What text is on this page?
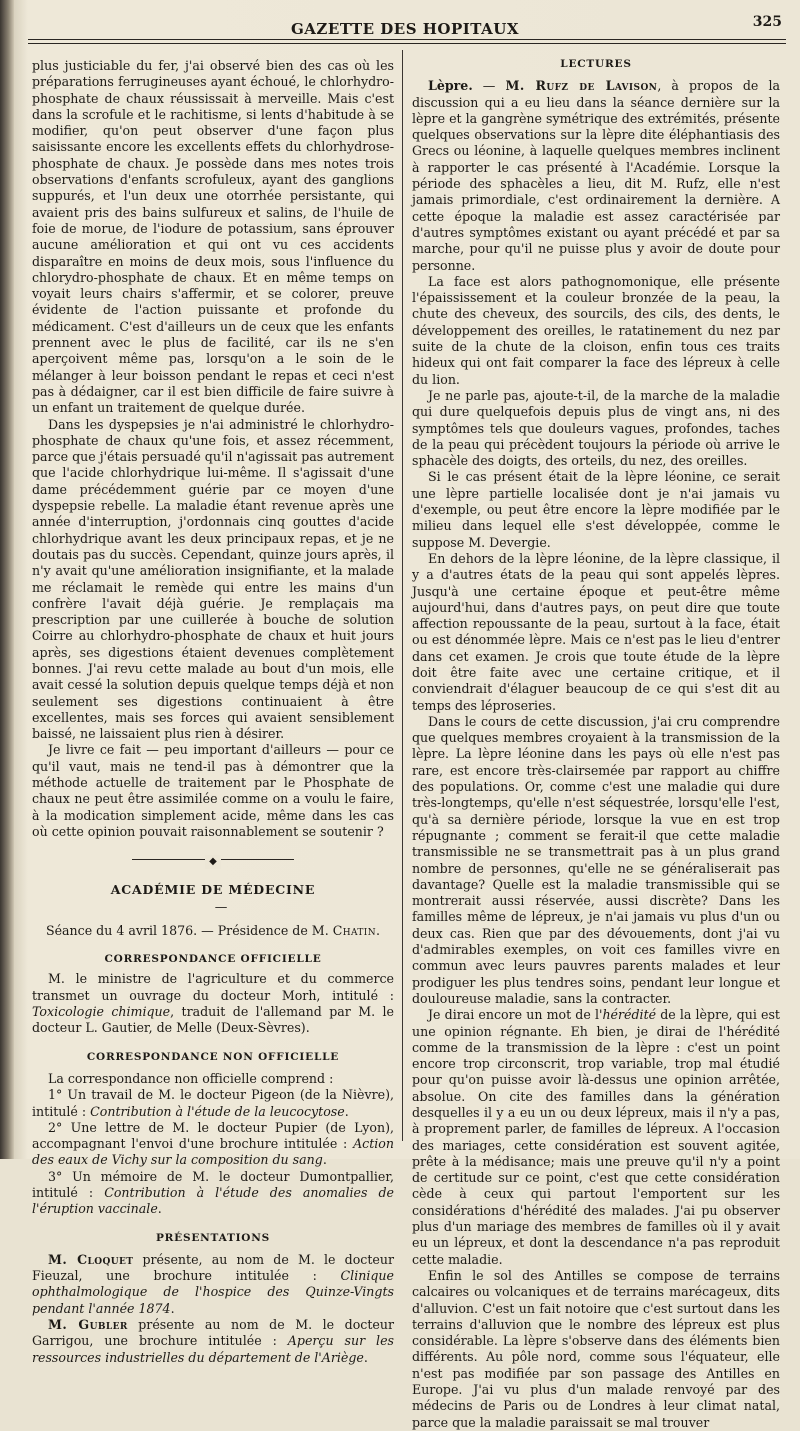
GAZETTE DES HOPITAUX	325

plus justiciable du fer, j'ai observé bien des cas où les préparations ferrugineuses ayant échoué, le chlorhydro-phosphate de chaux réussissait à merveille. Mais c'est dans la scrofule et le rachitisme, si lents d'habitude à se modifier, qu'on peut observer d'une façon plus saisissante encore les excellents effets du chlorhydrose-phosphate de chaux. Je possède dans mes notes trois observations d'enfants scrofuleux, ayant des ganglions suppurés, et l'un deux une otorrhée persistante, qui avaient pris des bains sulfureux et salins, de l'huile de foie de morue, de l'iodure de potassium, sans éprouver aucune amélioration et qui ont vu ces accidents disparaître en moins de deux mois, sous l'influence du chlorydro-phosphate de chaux. Et en même temps on voyait leurs chairs s'affermir, et se colorer, preuve évidente de l'action puissante et profonde du médicament. C'est d'ailleurs un de ceux que les enfants prennent avec le plus de facilité, car ils ne s'en aperçoivent même pas, lorsqu'on a le soin de le mélanger à leur boisson pendant le repas et ceci n'est pas à dédaigner, car il est bien difficile de faire suivre à un enfant un traitement de quelque durée.

Dans les dyspepsies je n'ai administré le chlorhydro-phosphate de chaux qu'une fois, et assez récemment, parce que j'étais persuadé qu'il n'agissait pas autrement que l'acide chlorhydrique lui-même. Il s'agissait d'une dame précédemment guérie par ce moyen d'une dyspepsie rebelle. La maladie étant revenue après une année d'interruption, j'ordonnais cinq gouttes d'acide chlorhydrique avant les deux principaux repas, et je ne doutais pas du succès. Cependant, quinze jours après, il n'y avait qu'une amélioration insignifiante, et la malade me réclamait le remède qui entre les mains d'un confrère l'avait déjà guérie. Je remplaçais ma prescription par une cuillerée à bouche de solution Coirre au chlorhydro-phosphate de chaux et huit jours après, ses digestions étaient devenues complètement bonnes. J'ai revu cette malade au bout d'un mois, elle avait cessé la solution depuis quelque temps déjà et non seulement ses digestions continuaient à être excellentes, mais ses forces qui avaient sensiblement baissé, ne laissaient plus rien à désirer.

Je livre ce fait — peu important d'ailleurs — pour ce qu'il vaut, mais ne tend-il pas à démontrer que la méthode actuelle de traitement par le Phosphate de chaux ne peut être assimilée comme on a voulu le faire, à la modication simplement acide, même dans les cas où cette opinion pouvait raisonnablement se soutenir ?

◆
ACADÉMIE DE MÉDECINE

—

Séance du 4 avril 1876. — Présidence de M. Chatin.

CORRESPONDANCE OFFICIELLE

M. le ministre de l'agriculture et du commerce transmet un ouvrage du docteur Morh, intitulé : Toxicologie chimique, traduit de l'allemand par M. le docteur L. Gautier, de Melle (Deux-Sèvres).

CORRESPONDANCE NON OFFICIELLE

La correspondance non officielle comprend :

1° Un travail de M. le docteur Pigeon (de la Nièvre), intitulé : Contribution à l'étude de la leucocytose.

2° Une lettre de M. le docteur Pupier (de Lyon), accompagnant l'envoi d'une brochure intitulée : Action des eaux de Vichy sur la composition du sang.

3° Un mémoire de M. le docteur Dumontpallier, intitulé : Contribution à l'étude des anomalies de l'éruption vaccinale.

PRÉSENTATIONS

M. Cloquet présente, au nom de M. le docteur Fieuzal, une brochure intitulée : Clinique ophthalmologique de l'hospice des Quinze-Vingts pendant l'année 1874.

M. Gubler présente au nom de M. le docteur Garrigou, une brochure intitulée : Aperçu sur les ressources industrielles du département de l'Ariège.

LECTURES

Lèpre. — M. Rufz de Lavison, à propos de la discussion qui a eu lieu dans la séance dernière sur la lèpre et la gangrène symétrique des extrémités, présente quelques observations sur la lèpre dite éléphantiasis des Grecs ou léonine, à laquelle quelques membres inclinent à rapporter le cas présenté à l'Académie. Lorsque la période des sphacèles a lieu, dit M. Rufz, elle n'est jamais primordiale, c'est ordinairement la dernière. A cette époque la maladie est assez caractérisée par d'autres symptômes existant ou ayant précédé et par sa marche, pour qu'il ne puisse plus y avoir de doute pour personne.

La face est alors pathognomonique, elle présente l'épaississement et la couleur bronzée de la peau, la chute des cheveux, des sourcils, des cils, des dents, le développement des oreilles, le ratatinement du nez par suite de la chute de la cloison, enfin tous ces traits hideux qui ont fait comparer la face des lépreux à celle du lion.

Je ne parle pas, ajoute-t-il, de la marche de la maladie qui dure quelquefois depuis plus de vingt ans, ni des symptômes tels que douleurs vagues, profondes, taches de la peau qui précèdent toujours la période où arrive le sphacèle des doigts, des orteils, du nez, des oreilles.

Si le cas présent était de la lèpre léonine, ce serait une lèpre partielle localisée dont je n'ai jamais vu d'exemple, ou peut être encore la lèpre modifiée par le milieu dans lequel elle s'est développée, comme le suppose M. Devergie.

En dehors de la lèpre léonine, de la lèpre classique, il y a d'autres états de la peau qui sont appelés lèpres. Jusqu'à une certaine époque et peut-être même aujourd'hui, dans d'autres pays, on peut dire que toute affection repoussante de la peau, surtout à la face, était ou est dénommée lèpre. Mais ce n'est pas le lieu d'entrer dans cet examen. Je crois que toute étude de la lèpre doit être faite avec une certaine critique, et il conviendrait d'élaguer beaucoup de ce qui s'est dit au temps des léproseries.

Dans le cours de cette discussion, j'ai cru comprendre que quelques membres croyaient à la transmission de la lèpre. La lèpre léonine dans les pays où elle n'est pas rare, est encore très-clairsemée par rapport au chiffre des populations. Or, comme c'est une maladie qui dure très-longtemps, qu'elle n'est séquestrée, lorsqu'elle l'est, qu'à sa dernière période, lorsque la vue en est trop répugnante ; comment se ferait-il que cette maladie transmissible ne se transmettrait pas à un plus grand nombre de personnes, qu'elle ne se généraliserait pas davantage? Quelle est la maladie transmissible qui se montrerait aussi réservée, aussi discrète? Dans les familles même de lépreux, je n'ai jamais vu plus d'un ou deux cas. Rien que par des dévouements, dont j'ai vu d'admirables exemples, on voit ces familles vivre en commun avec leurs pauvres parents malades et leur prodiguer les plus tendres soins, pendant leur longue et douloureuse maladie, sans la contracter.

Je dirai encore un mot de l'hérédité de la lèpre, qui est une opinion régnante. Eh bien, je dirai de l'hérédité comme de la transmission de la lèpre : c'est un point encore trop circonscrit, trop variable, trop mal étudié pour qu'on puisse avoir là-dessus une opinion arrêtée, absolue. On cite des familles dans la génération desquelles il y a eu un ou deux lépreux, mais il n'y a pas, à proprement parler, de familles de lépreux. A l'occasion des mariages, cette considération est souvent agitée, prête à la médisance; mais une preuve qu'il n'y a point de certitude sur ce point, c'est que cette considération cède à ceux qui partout l'emportent sur les considérations d'hérédité des malades. J'ai pu observer plus d'un mariage des membres de familles où il y avait eu un lépreux, et dont la descendance n'a pas reproduit cette maladie.

Enfin le sol des Antilles se compose de terrains calcaires ou volcaniques et de terrains marécageux, dits d'alluvion. C'est un fait notoire que c'est surtout dans les terrains d'alluvion que le nombre des lépreux est plus considérable. La lèpre s'observe dans des éléments bien différents. Au pôle nord, comme sous l'équateur, elle n'est pas modifiée par son passage des Antilles en Europe. J'ai vu plus d'un malade renvoyé par des médecins de Paris ou de Londres à leur climat natal, parce que la maladie paraissait se mal trouver
